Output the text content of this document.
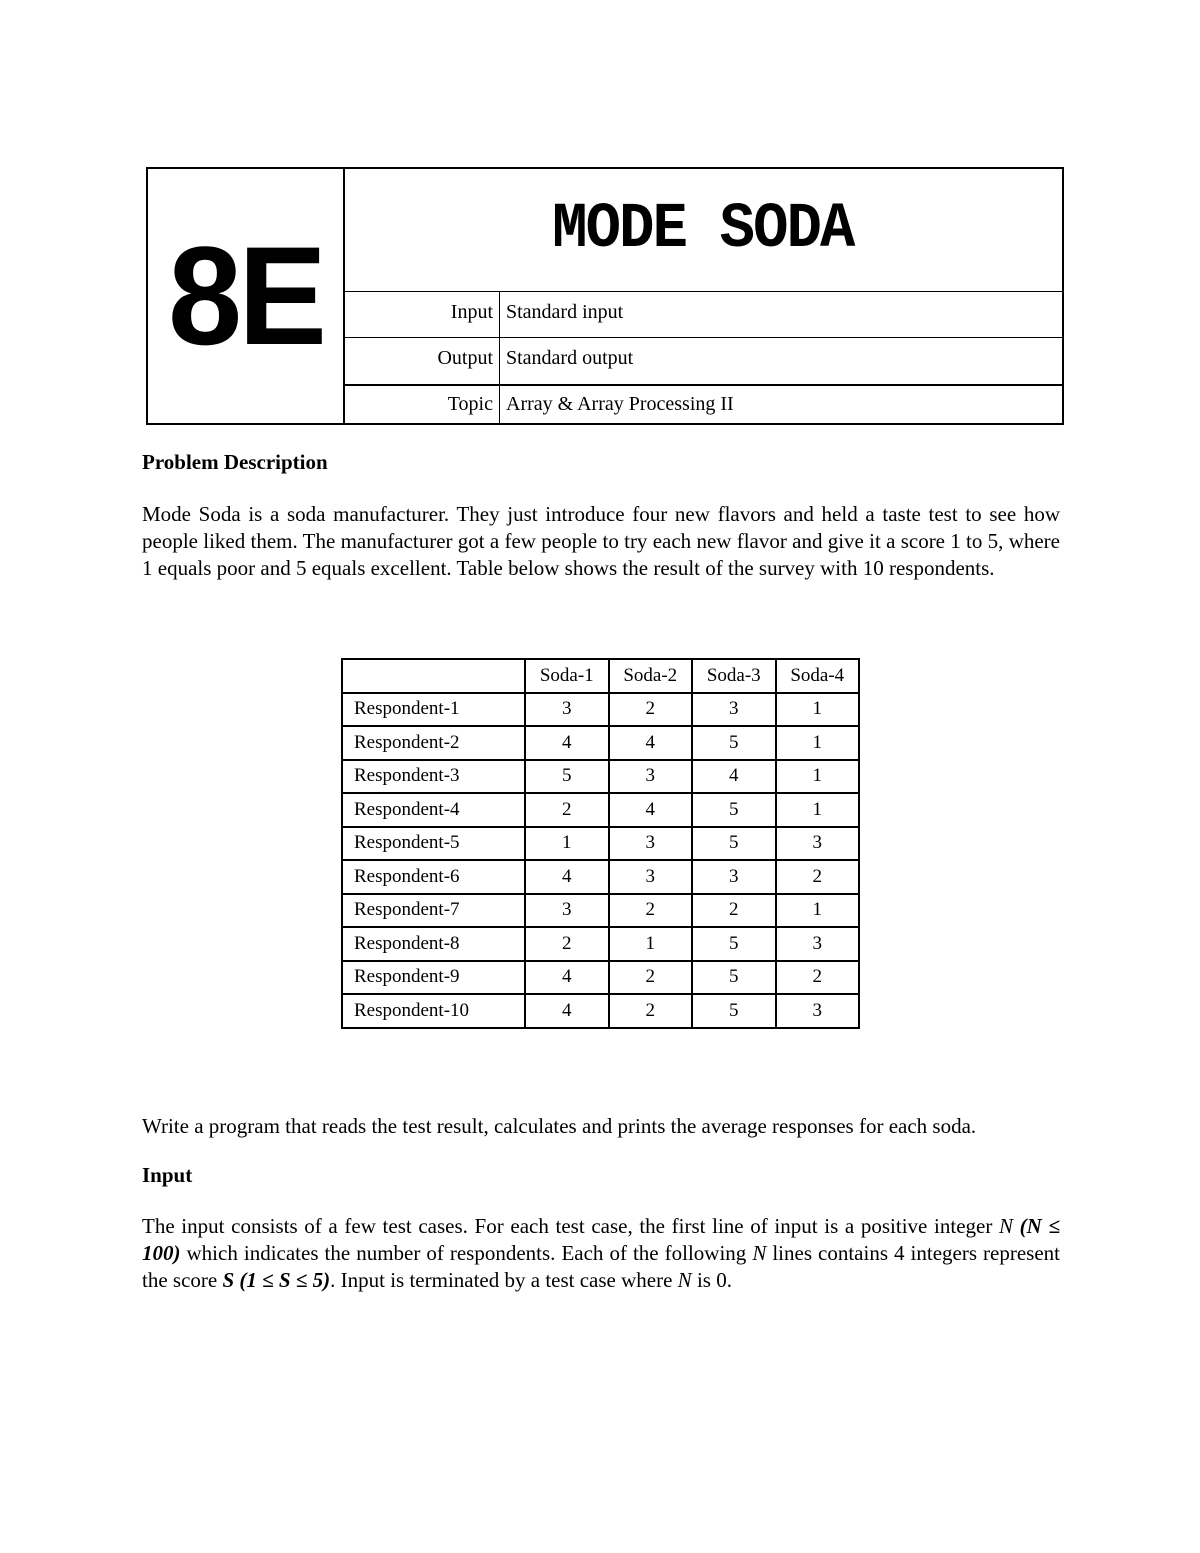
8E	MODE SODA
Input Standard input
Output Standard output
Topic Array & Array Processing II
Problem Description
Mode Soda is a soda manufacturer. They just introduce four new flavors and held a taste test to see how people liked them. The manufacturer got a few people to try each new flavor and give it a score 1 to 5, where 1 equals poor and 5 equals excellent. Table below shows the result of the survey with 10 respondents.
	Soda-1	Soda-2	Soda-3	Soda-4
Respondent-1	3	2	3	1
Respondent-2	4	4	5	1
Respondent-3	5	3	4	1
Respondent-4	2	4	5	1
Respondent-5	1	3	5	3
Respondent-6	4	3	3	2
Respondent-7	3	2	2	1
Respondent-8	2	1	5	3
Respondent-9	4	2	5	2
Respondent-10	4	2	5	3
Write a program that reads the test result, calculates and prints the average responses for each soda.
Input
The input consists of a few test cases. For each test case, the first line of input is a positive integer N (N ≤ 100) which indicates the number of respondents. Each of the following N lines contains 4 integers represent the score S (1 ≤ S ≤ 5). Input is terminated by a test case where N is 0.
